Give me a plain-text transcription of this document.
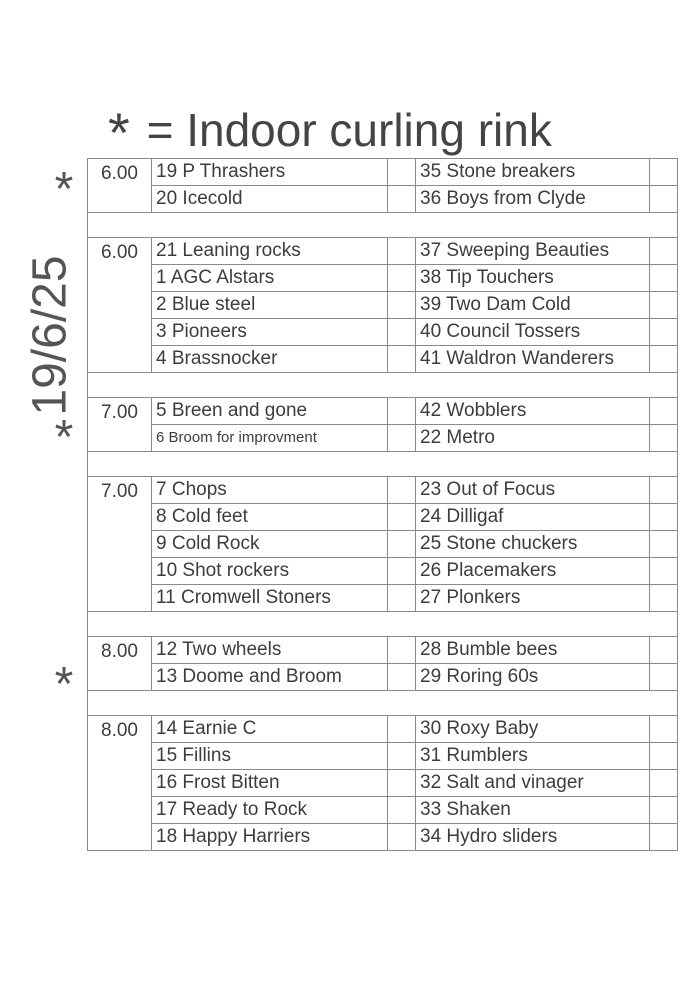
* = Indoor curling rink
*
19/6/25
*
*
6.00	19 P Thrashers		35 Stone breakers	
	20 Icecold		36 Boys from Clyde	

6.00	21 Leaning rocks		37 Sweeping Beauties	
	1 AGC Alstars		38 Tip Touchers	
	2 Blue steel		39 Two Dam Cold	
	3 Pioneers		40 Council Tossers	
	4 Brassnocker		41 Waldron Wanderers	

7.00	5 Breen and gone		42 Wobblers	
	6 Broom for improvment		22 Metro	

7.00	7 Chops		23 Out of Focus	
	8 Cold feet		24 Dilligaf	
	9 Cold Rock		25 Stone chuckers	
	10 Shot rockers		26 Placemakers	
	11 Cromwell Stoners		27 Plonkers	

8.00	12 Two wheels		28 Bumble bees	
	13 Doome and Broom		29 Roring 60s	

8.00	14 Earnie C		30 Roxy Baby	
	15 Fillins		31 Rumblers	
	16 Frost Bitten		32 Salt and vinager	
	17 Ready to Rock		33 Shaken	
	18 Happy Harriers		34 Hydro sliders	
